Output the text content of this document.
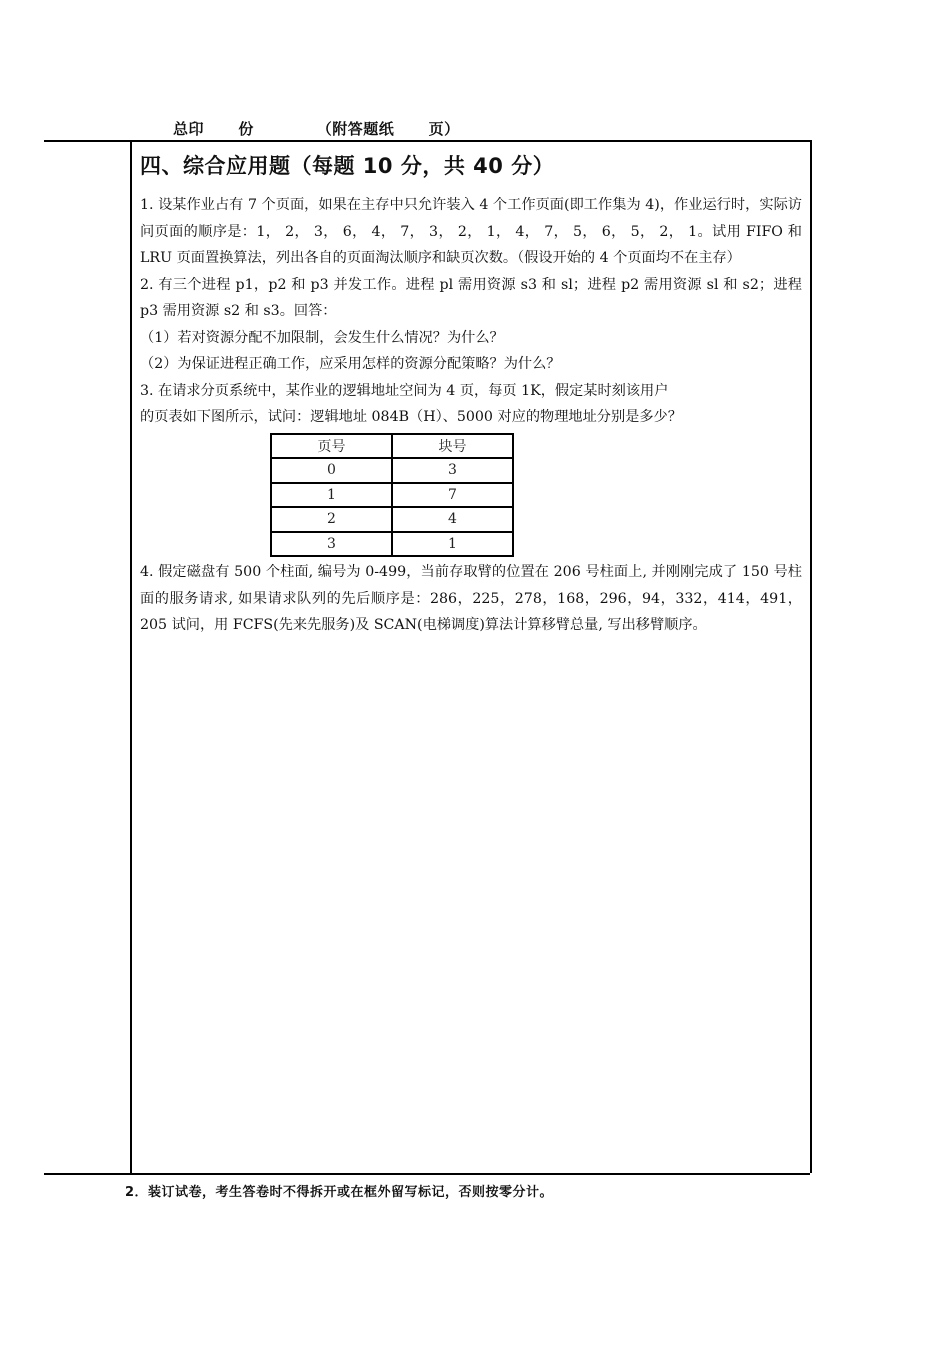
总印      份           （附答题纸      页）
四、综合应用题（每题 10 分，共 40 分）

1. 设某作业占有 7 个页面，如果在主存中只允许装入 4 个工作页面(即工作集为 4)，作业运行时，实际访问页面的顺序是：1， 2， 3， 6， 4， 7， 3， 2， 1， 4， 7， 5， 6， 5， 2， 1。试用 FIFO 和 LRU 页面置换算法，列出各自的页面淘汰顺序和缺页次数。（假设开始的 4 个页面均不在主存）

2. 有三个进程 p1，p2 和 p3 并发工作。进程 pl 需用资源 s3 和 sl；进程 p2 需用资源 sl 和 s2；进程 p3 需用资源 s2 和 s3。回答：

（1）若对资源分配不加限制，会发生什么情况？为什么？

（2）为保证进程正确工作，应采用怎样的资源分配策略？为什么？

3. 在请求分页系统中，某作业的逻辑地址空间为 4 页，每页 1K，假定某时刻该用户

的页表如下图所示，试问：逻辑地址 084B（H）、5000 对应的物理地址分别是多少？

页号	块号
0	3
1	7
2	4
3	1

4. 假定磁盘有 500 个柱面, 编号为 0-499，当前存取臂的位置在 206 号柱面上, 并刚刚完成了 150 号柱面的服务请求, 如果请求队列的先后顺序是：286，225，278，168，296，94，332，414，491，205 试问，用 FCFS(先来先服务)及 SCAN(电梯调度)算法计算移臂总量, 写出移臂顺序。

2．装订试卷，考生答卷时不得拆开或在框外留写标记，否则按零分计。
